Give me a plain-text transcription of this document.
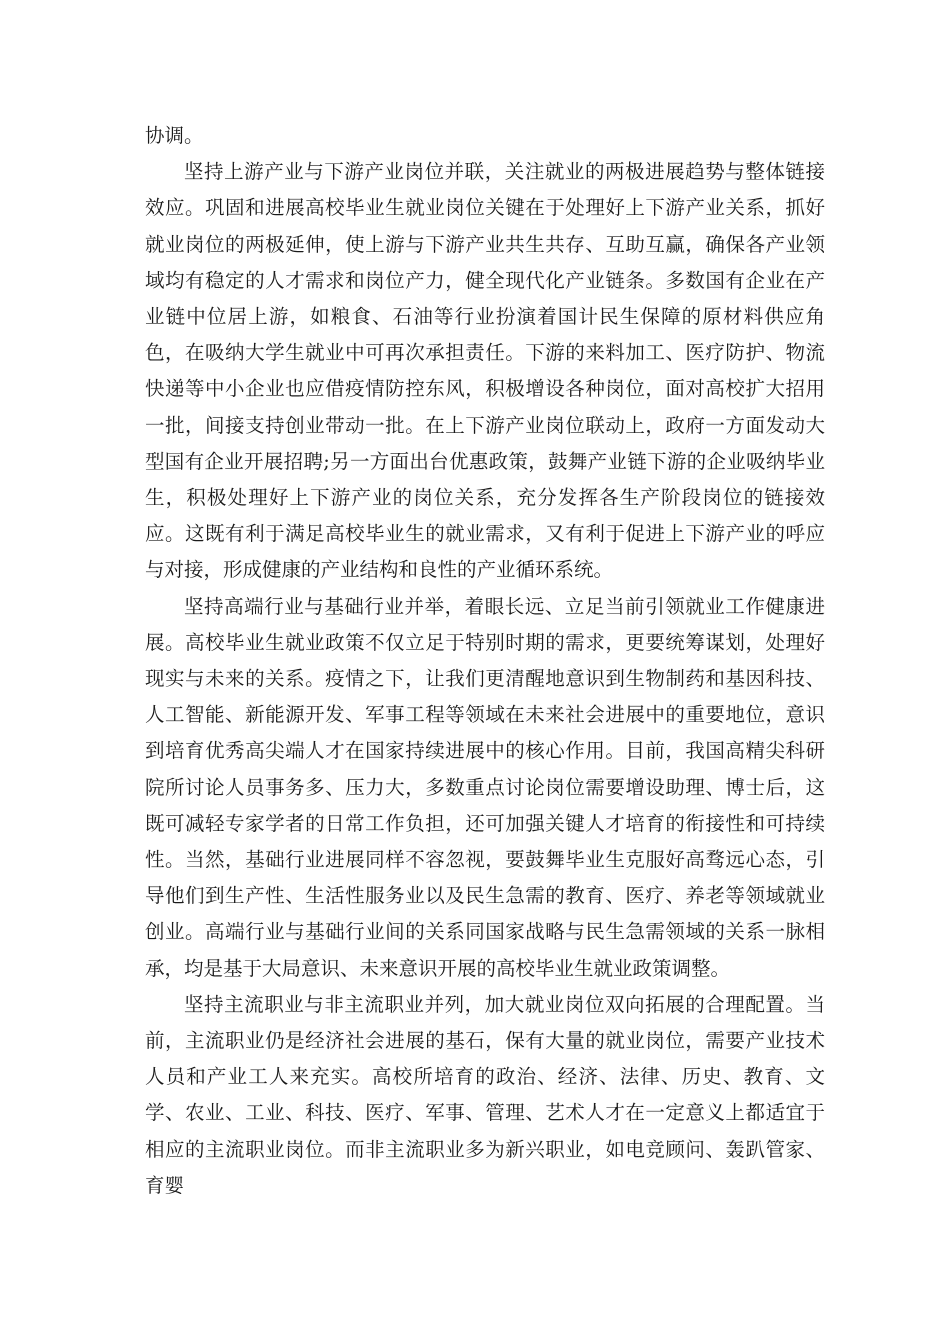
协调。

坚持上游产业与下游产业岗位并联，关注就业的两极进展趋势与整体链接效应。巩固和进展高校毕业生就业岗位关键在于处理好上下游产业关系，抓好就业岗位的两极延伸，使上游与下游产业共生共存、互助互赢，确保各产业领域均有稳定的人才需求和岗位产力，健全现代化产业链条。多数国有企业在产业链中位居上游，如粮食、石油等行业扮演着国计民生保障的原材料供应角色，在吸纳大学生就业中可再次承担责任。下游的来料加工、医疗防护、物流快递等中小企业也应借疫情防控东风，积极增设各种岗位，面对高校扩大招用一批，间接支持创业带动一批。在上下游产业岗位联动上，政府一方面发动大型国有企业开展招聘;另一方面出台优惠政策，鼓舞产业链下游的企业吸纳毕业生，积极处理好上下游产业的岗位关系，充分发挥各生产阶段岗位的链接效应。这既有利于满足高校毕业生的就业需求，又有利于促进上下游产业的呼应与对接，形成健康的产业结构和良性的产业循环系统。

坚持高端行业与基础行业并举，着眼长远、立足当前引领就业工作健康进展。高校毕业生就业政策不仅立足于特别时期的需求，更要统筹谋划，处理好现实与未来的关系。疫情之下，让我们更清醒地意识到生物制药和基因科技、人工智能、新能源开发、军事工程等领域在未来社会进展中的重要地位，意识到培育优秀高尖端人才在国家持续进展中的核心作用。目前，我国高精尖科研院所讨论人员事务多、压力大，多数重点讨论岗位需要增设助理、博士后，这既可减轻专家学者的日常工作负担，还可加强关键人才培育的衔接性和可持续性。当然，基础行业进展同样不容忽视，要鼓舞毕业生克服好高骛远心态，引导他们到生产性、生活性服务业以及民生急需的教育、医疗、养老等领域就业创业。高端行业与基础行业间的关系同国家战略与民生急需领域的关系一脉相承，均是基于大局意识、未来意识开展的高校毕业生就业政策调整。

坚持主流职业与非主流职业并列，加大就业岗位双向拓展的合理配置。当前，主流职业仍是经济社会进展的基石，保有大量的就业岗位，需要产业技术人员和产业工人来充实。高校所培育的政治、经济、法律、历史、教育、文学、农业、工业、科技、医疗、军事、管理、艺术人才在一定意义上都适宜于相应的主流职业岗位。而非主流职业多为新兴职业，如电竞顾问、轰趴管家、育婴
